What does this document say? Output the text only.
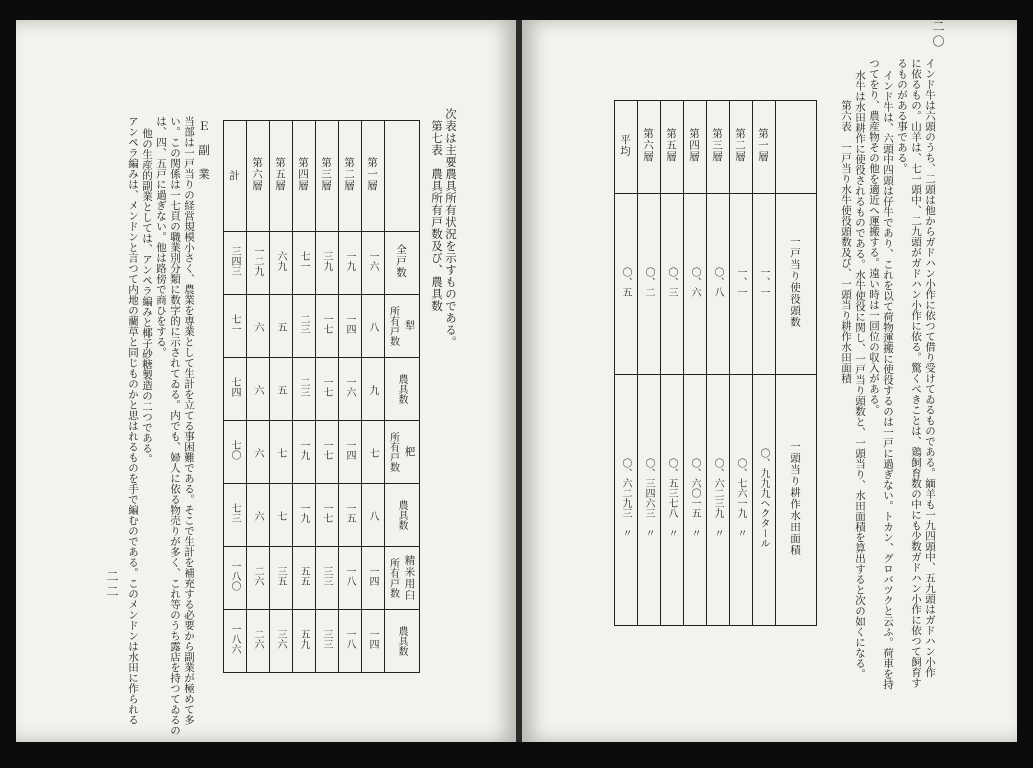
次表は主要農具所有状況を示すものである。
第七表　農具所有戸数及び、農具数
	第一層	第二層	第三層	第四層	第五層	第六層	計
全戸数	一六	一九	三九	七一	六九	一二九	三四三

犁
所有戸数	八	一四	一七	二三	五	六	七一

農具数	九	一六	一七	二三	五	六	七四

杷
所有戸数	七	一四	一七	一九	七	六	七〇

農具数	八	一五	一七	一九	七	六	七三

精米用臼
所有戸数	一四	一八	三三	五五	三五	二六	一八〇

農具数	一四	一八	三三	五九	三六	二六	一八六
Ｅ　副　業
当部は一戸当りの経営規模小さく、農業を専業として生計を立てる事困難である。そこで生計を補充する必要から副業が極めて多
い。この関係は一七頁の職業別分類に数字的に示されてゐる。内でも、婦人に依る物売りが多く、これ等のうち露店を持つてゐるの
は、四、五戸に過ぎない。他は路傍で商ひをする。
他の生産的副業としては、アンペラ編みと椰子砂糖製造の二つである。
アンペラ編みは、メンドンと言つて内地の藺草と同じものかと思はれるものを手で編むのである。このメンドンは水田に作られる
二二
二〇
インド牛は六頭のうち、二頭は他からガドハン小作に依つて借り受けてゐるものである。緬羊も一九四頭中、五九頭はガドハン小作
に依るもの。山羊は、七一頭中、二九頭がガドハン小作に依る。驚くべきことは、鶏飼育数の中にも少数ガドハン小作に依つて飼育す
るものがある事である。
インド牛は、六頭中四頭は仔牛であり、これを以て荷物運搬に使役するのは一戸に過ぎない。トカン、グロバツクと云ふ。荷車を持
つてをり、農産物その他を適近へ運搬する。遠い時は一回位の収入がある。
水牛は水田耕作に使役されるものである。水牛使役に関し、一戸当り頭数と、一頭当り、水田面積を算出すると次の如くになる。
第六表　一戸当り水牛使役頭数及び、一頭当り耕作水田面積
	第一層	第二層	第三層	第四層	第五層	第六層	平均
一戸当り使役頭数	一、一	一、一	〇、八	〇、六	〇、三	〇、二	〇、五
一頭当り耕作水田面積	〇、九九九ヘクタール	〇、七六一九　〃	〇、六二三九　〃	〇、六〇一五　〃	〇、五三七八　〃	〇、三四六三　〃	〇、六二九三　〃
